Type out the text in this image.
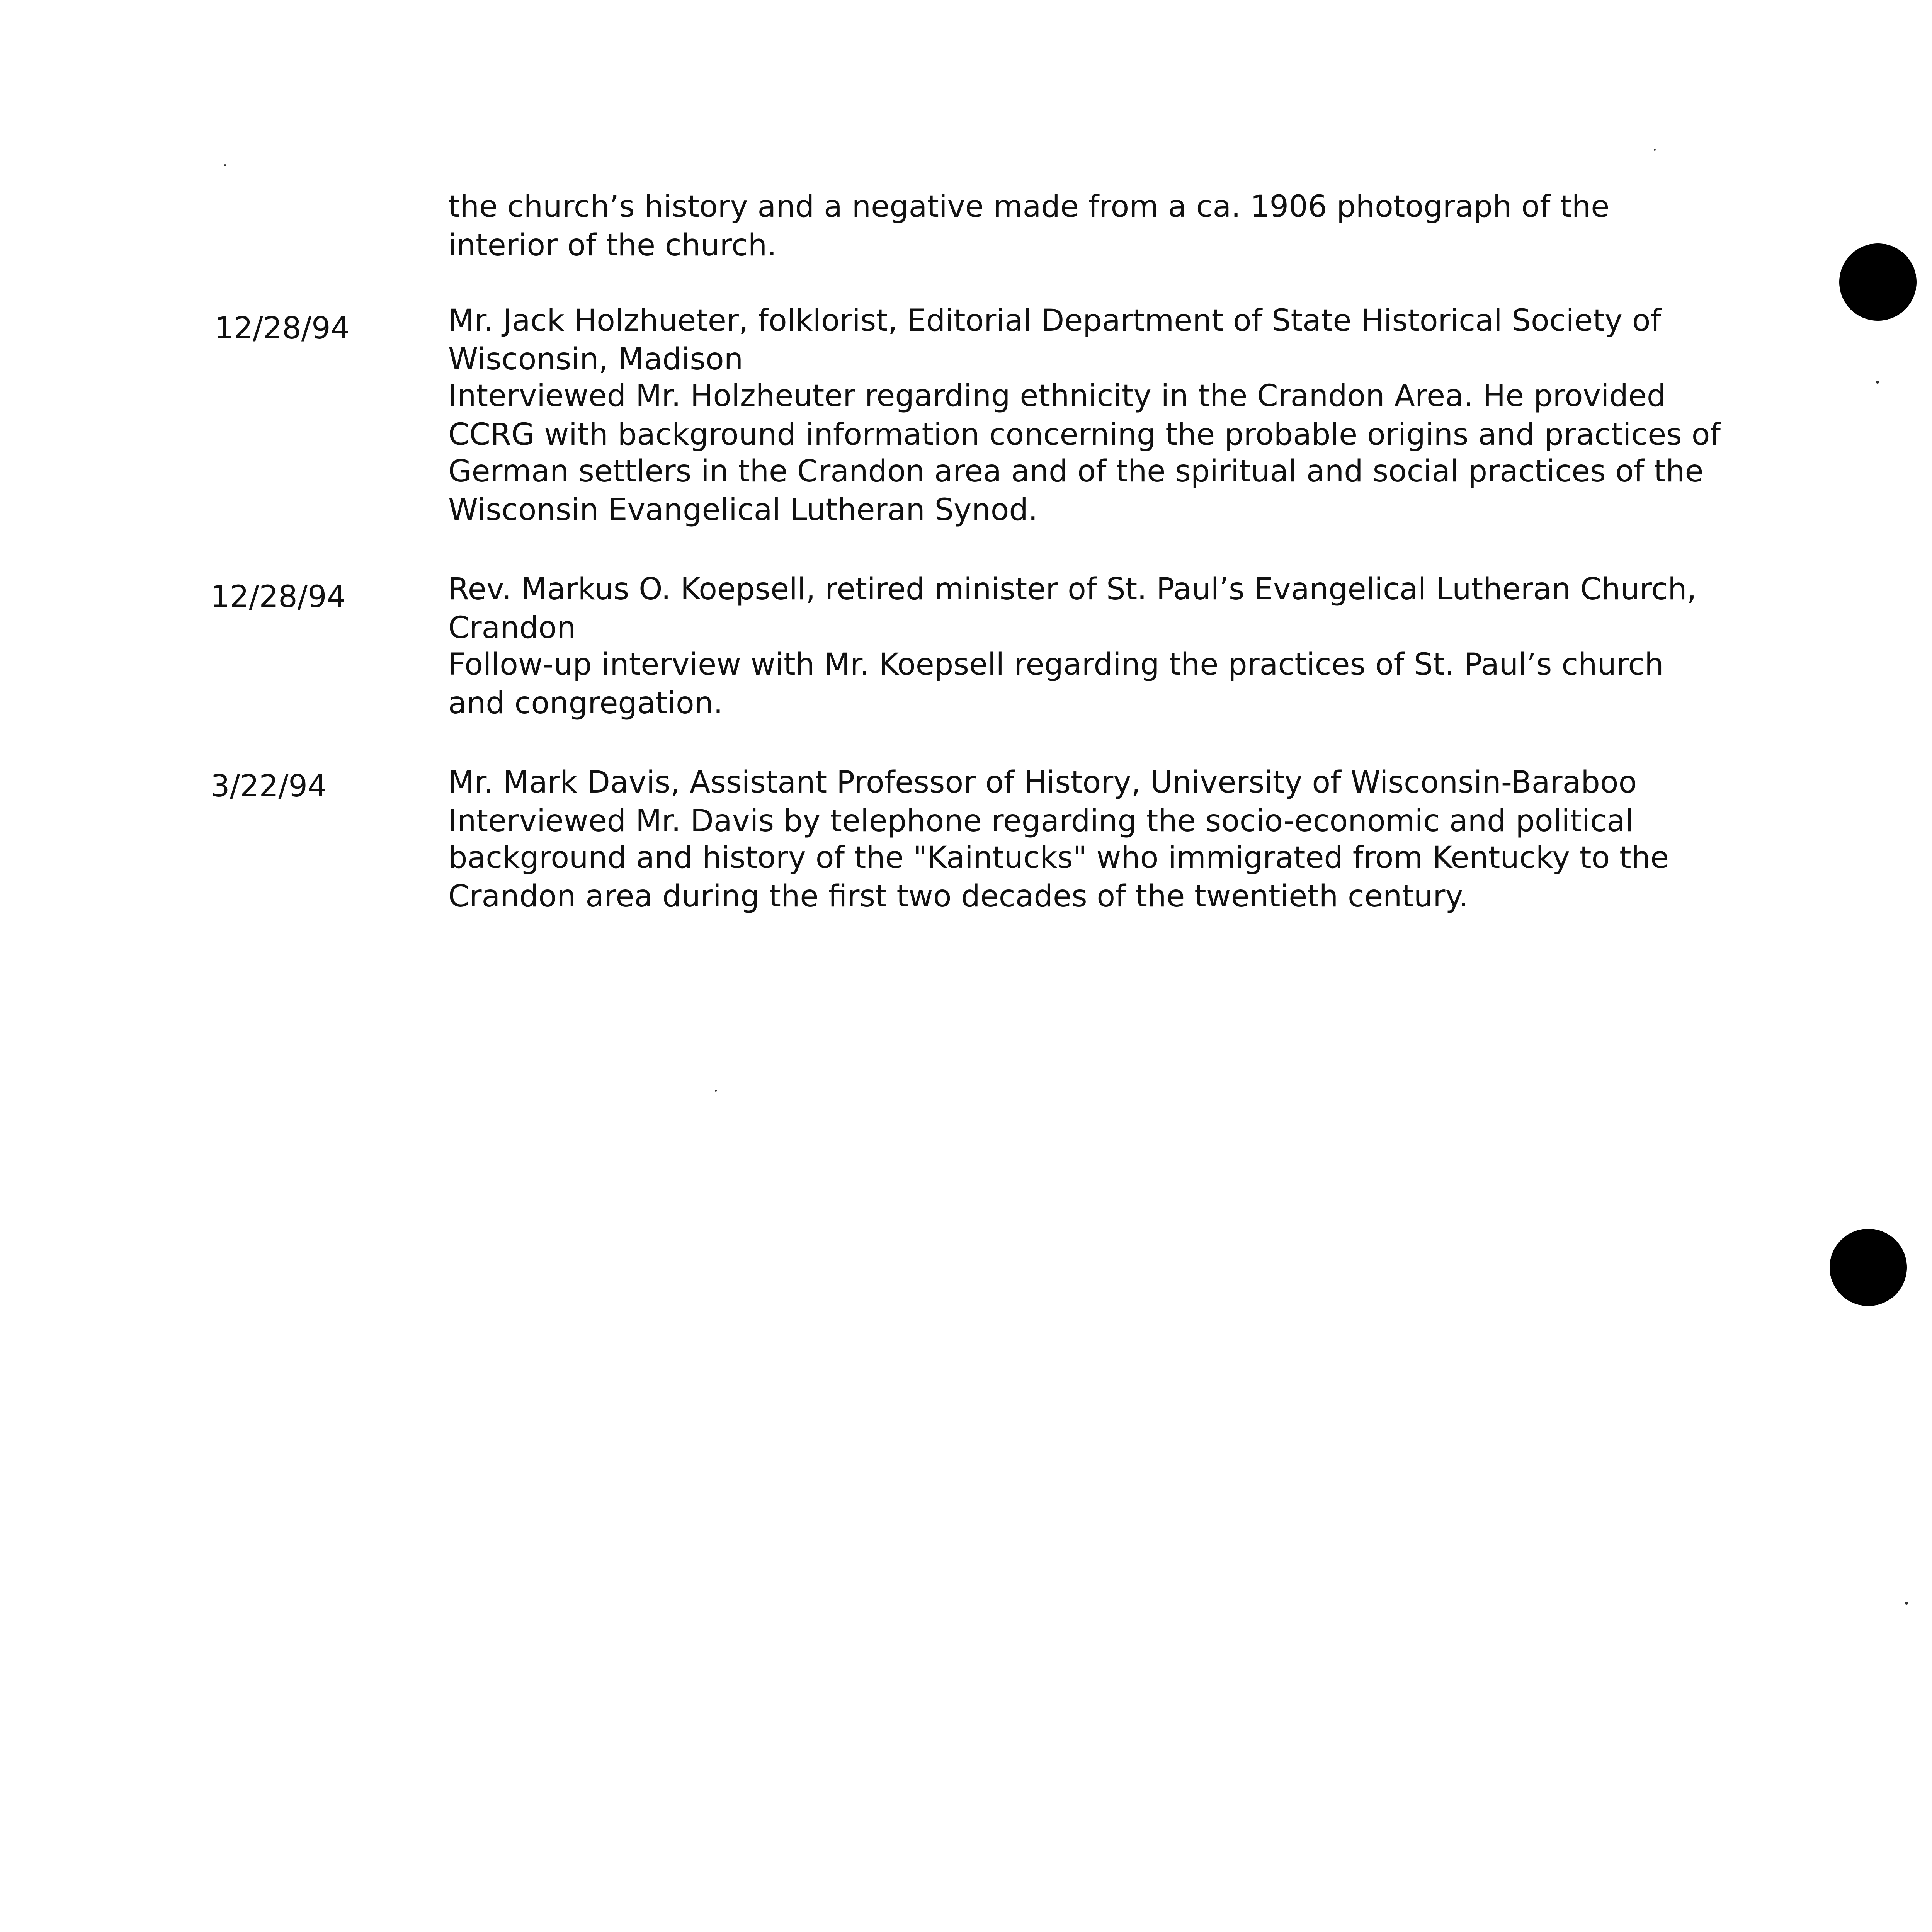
the church’s history and a negative made from a ca. 1906 photograph of the
interior of the church.
12/28/94	Mr. Jack Holzhueter, folklorist, Editorial Department of State Historical Society of
Wisconsin, Madison
Interviewed Mr. Holzheuter regarding ethnicity in the Crandon Area. He provided
CCRG with background information concerning the probable origins and practices of
German settlers in the Crandon area and of the spiritual and social practices of the
Wisconsin Evangelical Lutheran Synod.
12/28/94	Rev. Markus O. Koepsell, retired minister of St. Paul’s Evangelical Lutheran Church,
Crandon
Follow-up interview with Mr. Koepsell regarding the practices of St. Paul’s church
and congregation.
3/22/94	Mr. Mark Davis, Assistant Professor of History, University of Wisconsin-Baraboo
Interviewed Mr. Davis by telephone regarding the socio-economic and political
background and history of the "Kaintucks" who immigrated from Kentucky to the
Crandon area during the first two decades of the twentieth century.
